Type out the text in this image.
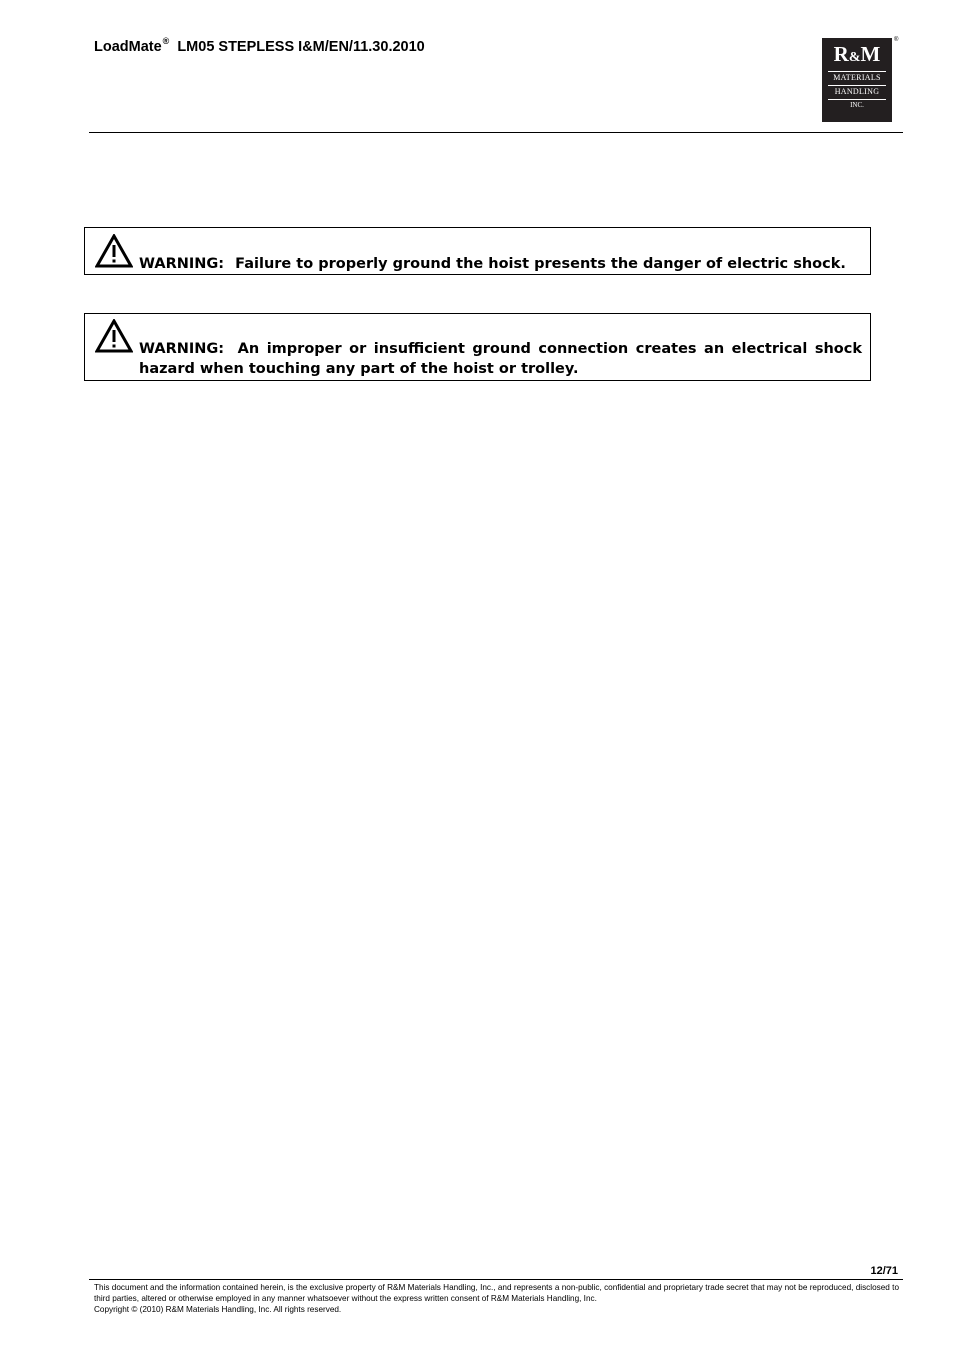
LoadMate® LM05 STEPLESS I&M/EN/11.30.2010	R&M
MATERIALS
HANDLING
INC.
®
WARNING: Failure to properly ground the hoist presents the danger of electric shock.
WARNING: An improper or insufficient ground connection creates an electrical shock hazard when touching any part of the hoist or trolley.
12/71
This document and the information contained herein, is the exclusive property of R&M Materials Handling, Inc., and represents a non-public, confidential and proprietary trade secret that may not be reproduced, disclosed to third parties, altered or otherwise employed in any manner whatsoever without the express written consent of R&M Materials Handling, Inc.
Copyright © (2010) R&M Materials Handling, Inc. All rights reserved.
